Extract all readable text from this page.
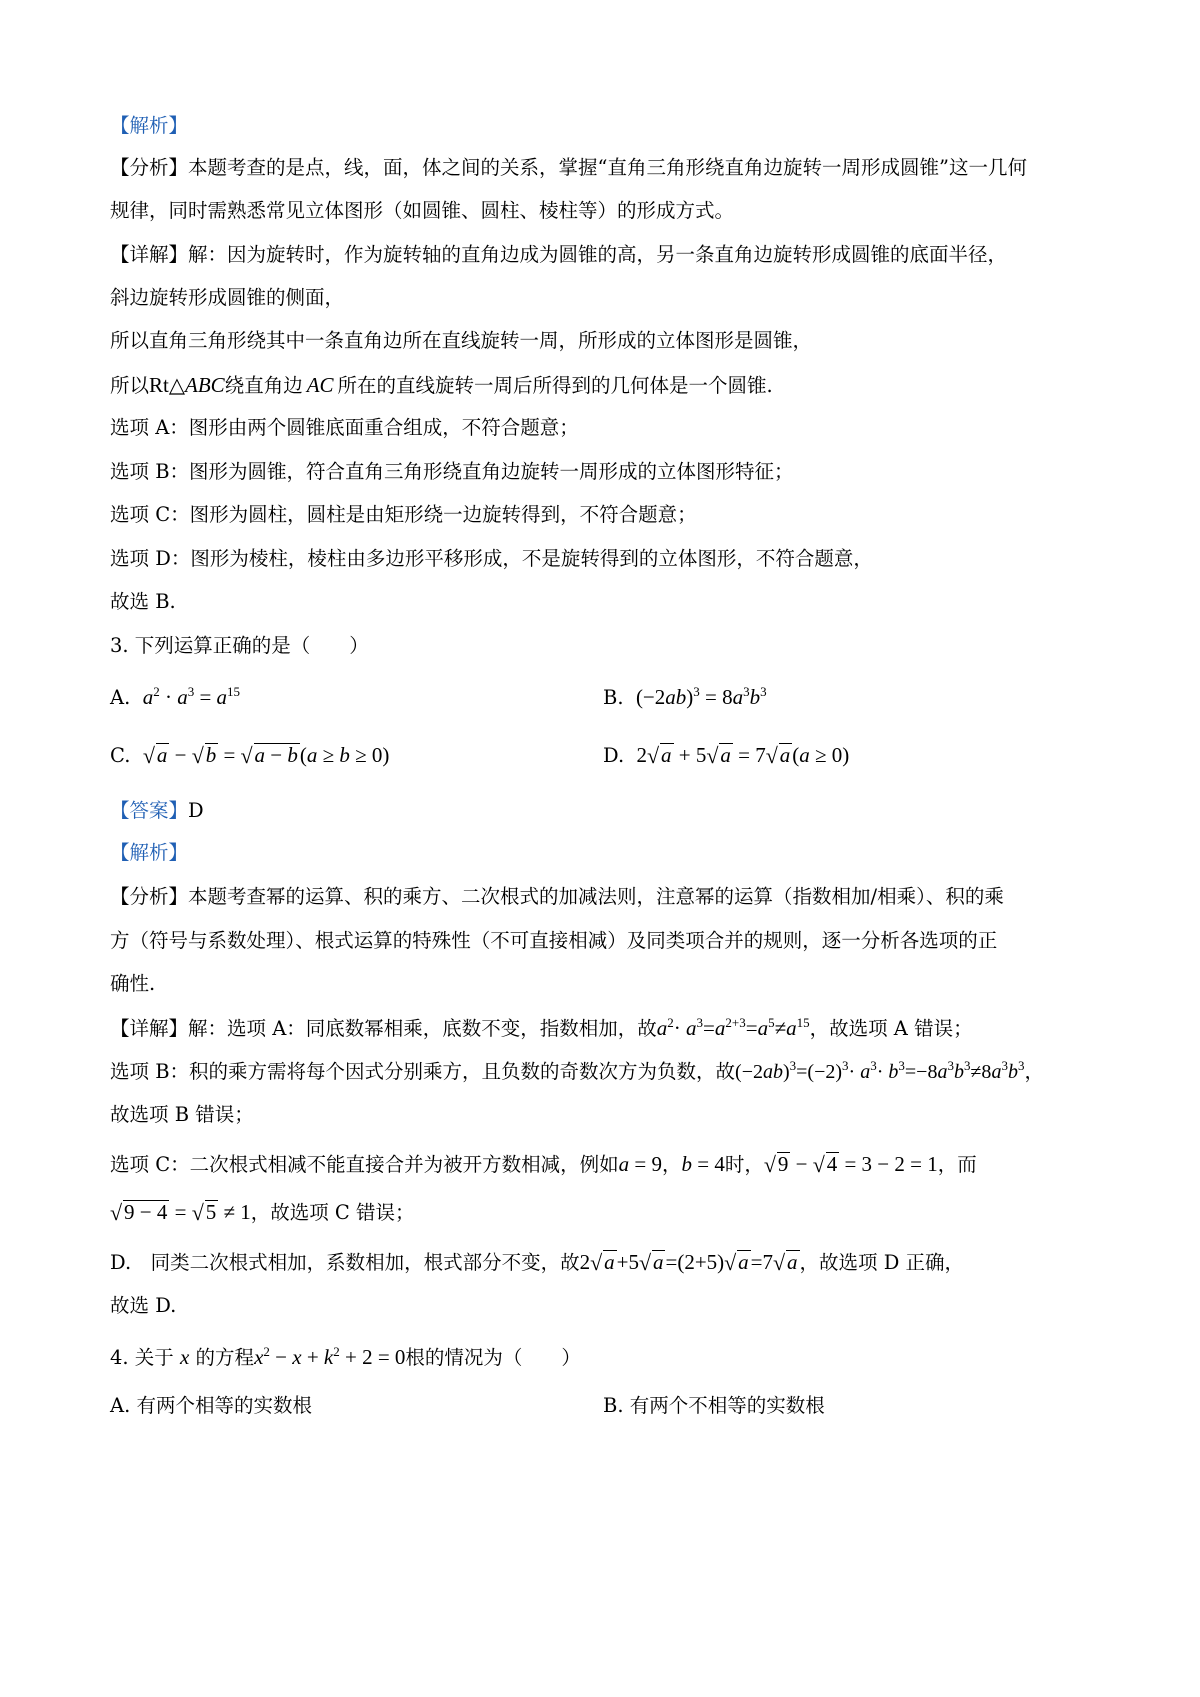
【解析】
【分析】本题考查的是点，线，面，体之间的关系，掌握“直角三角形绕直角边旋转一周形成圆锥”这一几何
规律，同时需熟悉常见立体图形（如圆锥、圆柱、棱柱等）的形成方式。
【详解】解：因为旋转时，作为旋转轴的直角边成为圆锥的高，另一条直角边旋转形成圆锥的底面半径，
斜边旋转形成圆锥的侧面，
所以直角三角形绕其中一条直角边所在直线旋转一周，所形成的立体图形是圆锥，
所以Rt△ABC绕直角边 AC 所在的直线旋转一周后所得到的几何体是一个圆锥.
选项 A：图形由两个圆锥底面重合组成，不符合题意；
选项 B：图形为圆锥，符合直角三角形绕直角边旋转一周形成的立体图形特征；
选项 C：图形为圆柱，圆柱是由矩形绕一边旋转得到，不符合题意；
选项 D：图形为棱柱，棱柱由多边形平移形成，不是旋转得到的立体图形，不符合题意，
故选 B.
3. 下列运算正确的是（　　）
A. $a^2 \cdot a^3 = a^{15}$	B. $(-2ab)^3 = 8a^3b^3$
C. √ a − √ b = √ a − b(a ≥ b ≥ 0)	D. 2 √ a + 5 √ a = 7 √ a(a ≥ 0)
【答案】D
【解析】
【分析】本题考查幂的运算、积的乘方、二次根式的加减法则，注意幂的运算（指数相加/相乘）、积的乘
方（符号与系数处理）、根式运算的特殊性（不可直接相减）及同类项合并的规则，逐一分析各选项的正
确性.
【详解】解：选项 A：同底数幂相乘，底数不变，指数相加，故$a^2\cdot a^3=a^{2+3}=a^5\ne a^{15}$，故选项 A 错误；
选项 B：积的乘方需将每个因式分别乘方，且负数的奇数次方为负数，故$(-2ab)^3=(-2)^3\cdot a^3\cdot b^3=-8a^3b^3\ne 8a^3b^3$，
故选项 B 错误；
选项 C：二次根式相减不能直接合并为被开方数相减，例如a = 9，b = 4时， √ 9 − √ 4 = 3 − 2 = 1，而
√ 9 − 4 = √ 5 ≠ 1，故选项 C 错误；
D.　同类二次根式相加，系数相加，根式部分不变，故2 √ a+5 √ a=(2+5) √ a=7 √ a ，故选项 D 正确，
故选 D.
4. 关于 x 的方程$x^2 - x + k^2 + 2 = 0$根的情况为（　　）
A. 有两个相等的实数根	B. 有两个不相等的实数根
